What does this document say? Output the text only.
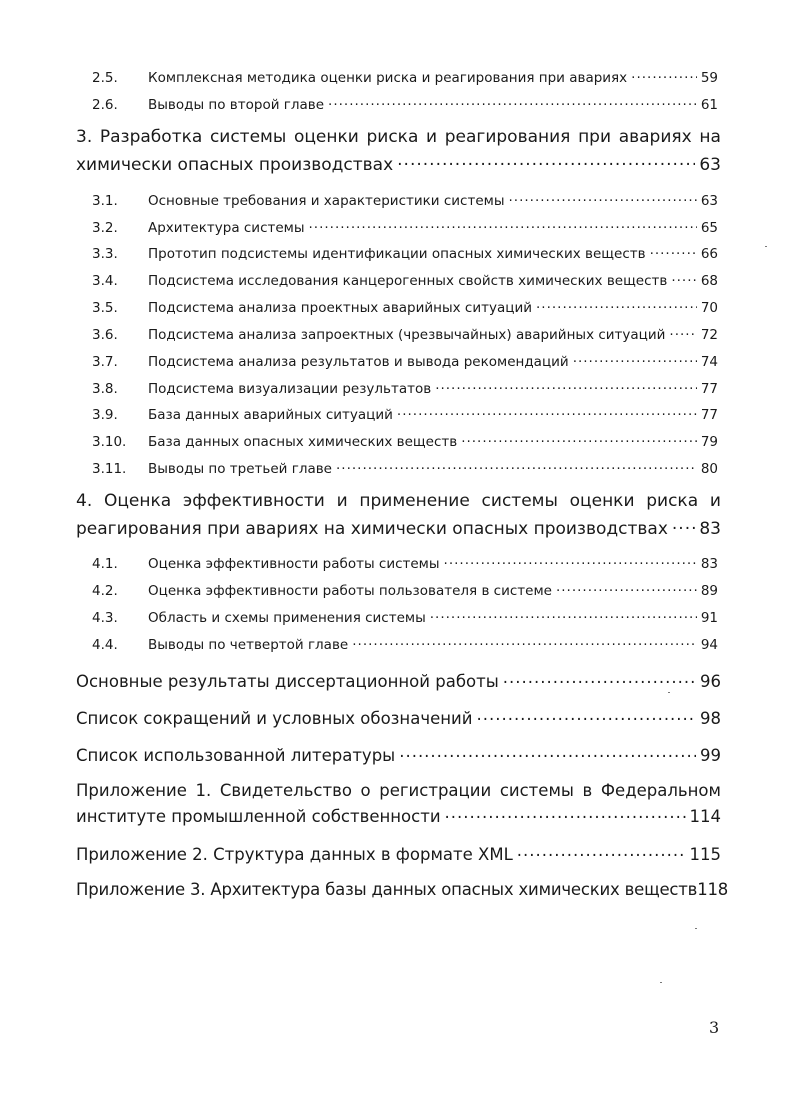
2.5.	Комплексная методика оценки риска и реагирования при авариях .....	59
2.6.	Выводы по второй главе .....	61
3. Разработка системы оценки риска и реагирования при авариях на
химически опасных производствах .....	63
3.1.	Основные требования и характеристики системы .....	63
3.2.	Архитектура системы .....	65
3.3.	Прототип подсистемы идентификации опасных химических веществ .....	66
3.4.	Подсистема исследования канцерогенных свойств химических веществ ..... 68
3.5.	Подсистема анализа проектных аварийных ситуаций .....	70
3.6.	Подсистема анализа запроектных (чрезвычайных) аварийных ситуаций .....	72
3.7.	Подсистема анализа результатов и вывода рекомендаций .....	74
3.8.	Подсистема визуализации результатов .....	77
3.9.	База данных аварийных ситуаций .....	77
3.10.	База данных опасных химических веществ .....	79
3.11.	Выводы по третьей главе .....	80
4. Оценка эффективности и применение системы оценки риска и
реагирования при авариях на химически опасных производствах ..... 83
4.1.	Оценка эффективности работы системы .....	83
4.2.	Оценка эффективности работы пользователя в системе .....	89
4.3.	Область и схемы применения системы .....	91
4.4.	Выводы по четвертой главе .....	94
Основные результаты диссертационной работы .....	96
Список сокращений и условных обозначений .....	98
Список использованной литературы .....	99
Приложение 1. Свидетельство о регистрации системы в Федеральном
институте промышленной собственности .....	114
Приложение 2. Структура данных в формате XML .....	115
Приложение 3. Архитектура базы данных опасных химических веществ 118
3
